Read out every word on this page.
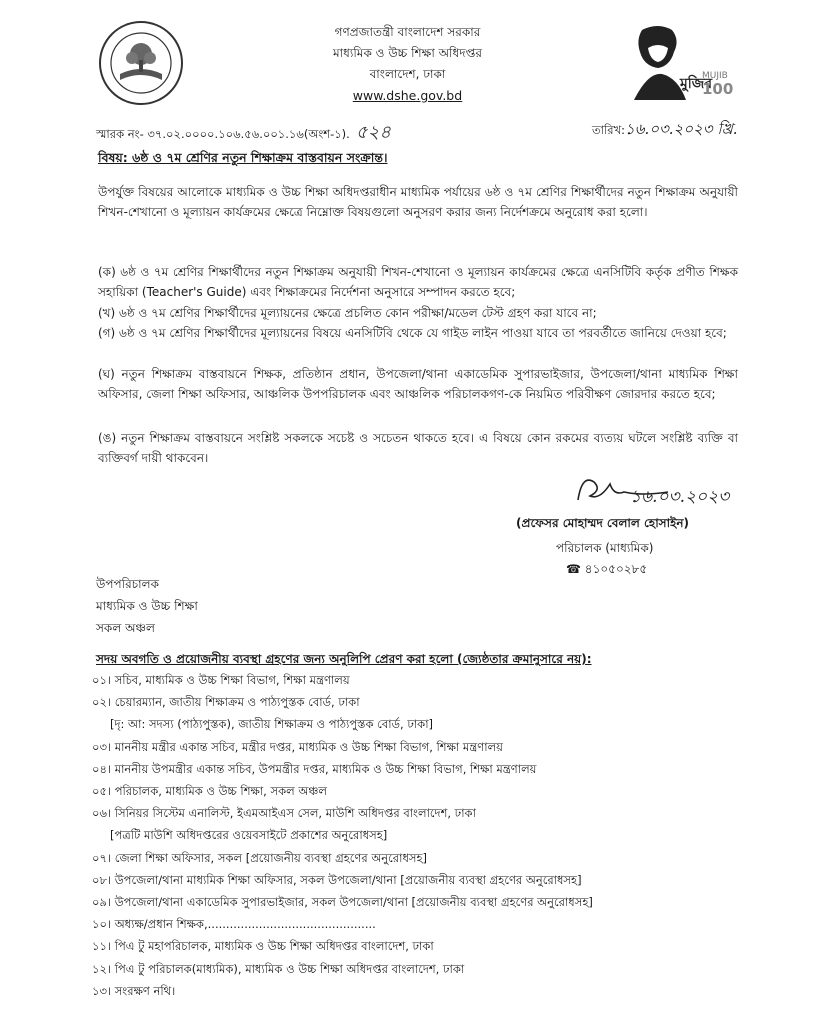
গণপ্রজাতন্ত্রী বাংলাদেশ সরকার
মাধ্যমিক ও উচ্চ শিক্ষা অধিদপ্তর
বাংলাদেশ, ঢাকা
www.dshe.gov.bd
মুজিব
MUJIB
100
স্মারক নং- ৩৭.০২.০০০০.১০৬.৫৬.০০১.১৬(অংশ-১). ৫২৪	তারিখ:১৬.০৩.২০২৩ খ্রি.
বিষয়: ৬ষ্ঠ ও ৭ম শ্রেণির নতুন শিক্ষাক্রম বাস্তবায়ন সংক্রান্ত।
উপর্যুক্ত বিষয়ের আলোকে মাধ্যমিক ও উচ্চ শিক্ষা অধিদপ্তরাধীন মাধ্যমিক পর্যায়ের ৬ষ্ঠ ও ৭ম শ্রেণির শিক্ষার্থীদের নতুন শিক্ষাক্রম অনুযায়ী শিখন-শেখানো ও মূল্যায়ন কার্যক্রমের ক্ষেত্রে নিম্নোক্ত বিষয়গুলো অনুসরণ করার জন্য নির্দেশক্রমে অনুরোধ করা হলো।
(ক) ৬ষ্ঠ ও ৭ম শ্রেণির শিক্ষার্থীদের নতুন শিক্ষাক্রম অনুযায়ী শিখন-শেখানো ও মূল্যায়ন কার্যক্রমের ক্ষেত্রে এনসিটিবি কর্তৃক প্রণীত শিক্ষক সহায়িকা (Teacher's Guide) এবং শিক্ষাক্রমের নির্দেশনা অনুসারে সম্পাদন করতে হবে;
(খ) ৬ষ্ঠ ও ৭ম শ্রেণির শিক্ষার্থীদের মূল্যায়নের ক্ষেত্রে প্রচলিত কোন পরীক্ষা/মডেল টেস্ট গ্রহণ করা যাবে না;
(গ) ৬ষ্ঠ ও ৭ম শ্রেণির শিক্ষার্থীদের মূল্যায়নের বিষয়ে এনসিটিবি থেকে যে গাইড লাইন পাওয়া যাবে তা পরবর্তীতে জানিয়ে দেওয়া হবে;
(ঘ) নতুন শিক্ষাক্রম বাস্তবায়নে শিক্ষক, প্রতিষ্ঠান প্রধান, উপজেলা/থানা একাডেমিক সুপারভাইজার, উপজেলা/থানা মাধ্যমিক শিক্ষা অফিসার, জেলা শিক্ষা অফিসার, আঞ্চলিক উপপরিচালক এবং আঞ্চলিক পরিচালকগণ-কে নিয়মিত পরিবীক্ষণ জোরদার করতে হবে;
(ঙ) নতুন শিক্ষাক্রম বাস্তবায়নে সংশ্লিষ্ট সকলকে সচেষ্ট ও সচেতন থাকতে হবে। এ বিষয়ে কোন রকমের ব্যত্যয় ঘটলে সংশ্লিষ্ট ব্যক্তি বা ব্যক্তিবর্গ দায়ী থাকবেন।
১৬.০৩.২০২৩
(প্রফেসর মোহাম্মদ বেলাল হোসাইন)
পরিচালক (মাধ্যমিক)
☎ ৪১০৫০২৮৫
উপপরিচালক
মাধ্যমিক ও উচ্চ শিক্ষা
সকল অঞ্চল
সদয় অবগতি ও প্রয়োজনীয় ব্যবস্থা গ্রহণের জন্য অনুলিপি প্রেরণ করা হলো (জ্যেষ্ঠতার ক্রমানুসারে নয়):
০১। সচিব, মাধ্যমিক ও উচ্চ শিক্ষা বিভাগ, শিক্ষা মন্ত্রণালয়
০২। চেয়ারম্যান, জাতীয় শিক্ষাক্রম ও পাঠ্যপুস্তক বোর্ড, ঢাকা
[দৃ: আ: সদস্য (পাঠ্যপুস্তক), জাতীয় শিক্ষাক্রম ও পাঠ্যপুস্তক বোর্ড, ঢাকা]
০৩। মাননীয় মন্ত্রীর একান্ত সচিব, মন্ত্রীর দপ্তর, মাধ্যমিক ও উচ্চ শিক্ষা বিভাগ, শিক্ষা মন্ত্রণালয়
০৪। মাননীয় উপমন্ত্রীর একান্ত সচিব, উপমন্ত্রীর দপ্তর, মাধ্যমিক ও উচ্চ শিক্ষা বিভাগ, শিক্ষা মন্ত্রণালয়
০৫। পরিচালক, মাধ্যমিক ও উচ্চ শিক্ষা, সকল অঞ্চল
০৬। সিনিয়র সিস্টেম এনালিস্ট, ইএমআইএস সেল, মাউশি অধিদপ্তর বাংলাদেশ, ঢাকা
[পত্রটি মাউশি অধিদপ্তরের ওয়েবসাইটে প্রকাশের অনুরোধসহ]
০৭। জেলা শিক্ষা অফিসার, সকল [প্রয়োজনীয় ব্যবস্থা গ্রহণের অনুরোধসহ]
০৮। উপজেলা/থানা মাধ্যমিক শিক্ষা অফিসার, সকল উপজেলা/থানা [প্রয়োজনীয় ব্যবস্থা গ্রহণের অনুরোধসহ]
০৯। উপজেলা/থানা একাডেমিক সুপারভাইজার, সকল উপজেলা/থানা [প্রয়োজনীয় ব্যবস্থা গ্রহণের অনুরোধসহ]
১০। অধ্যক্ষ/প্রধান শিক্ষক,..............................................
১১। পিএ টু মহাপরিচালক, মাধ্যমিক ও উচ্চ শিক্ষা অধিদপ্তর বাংলাদেশ, ঢাকা
১২। পিএ টু পরিচালক(মাধ্যমিক), মাধ্যমিক ও উচ্চ শিক্ষা অধিদপ্তর বাংলাদেশ, ঢাকা
১৩। সংরক্ষণ নথি।
